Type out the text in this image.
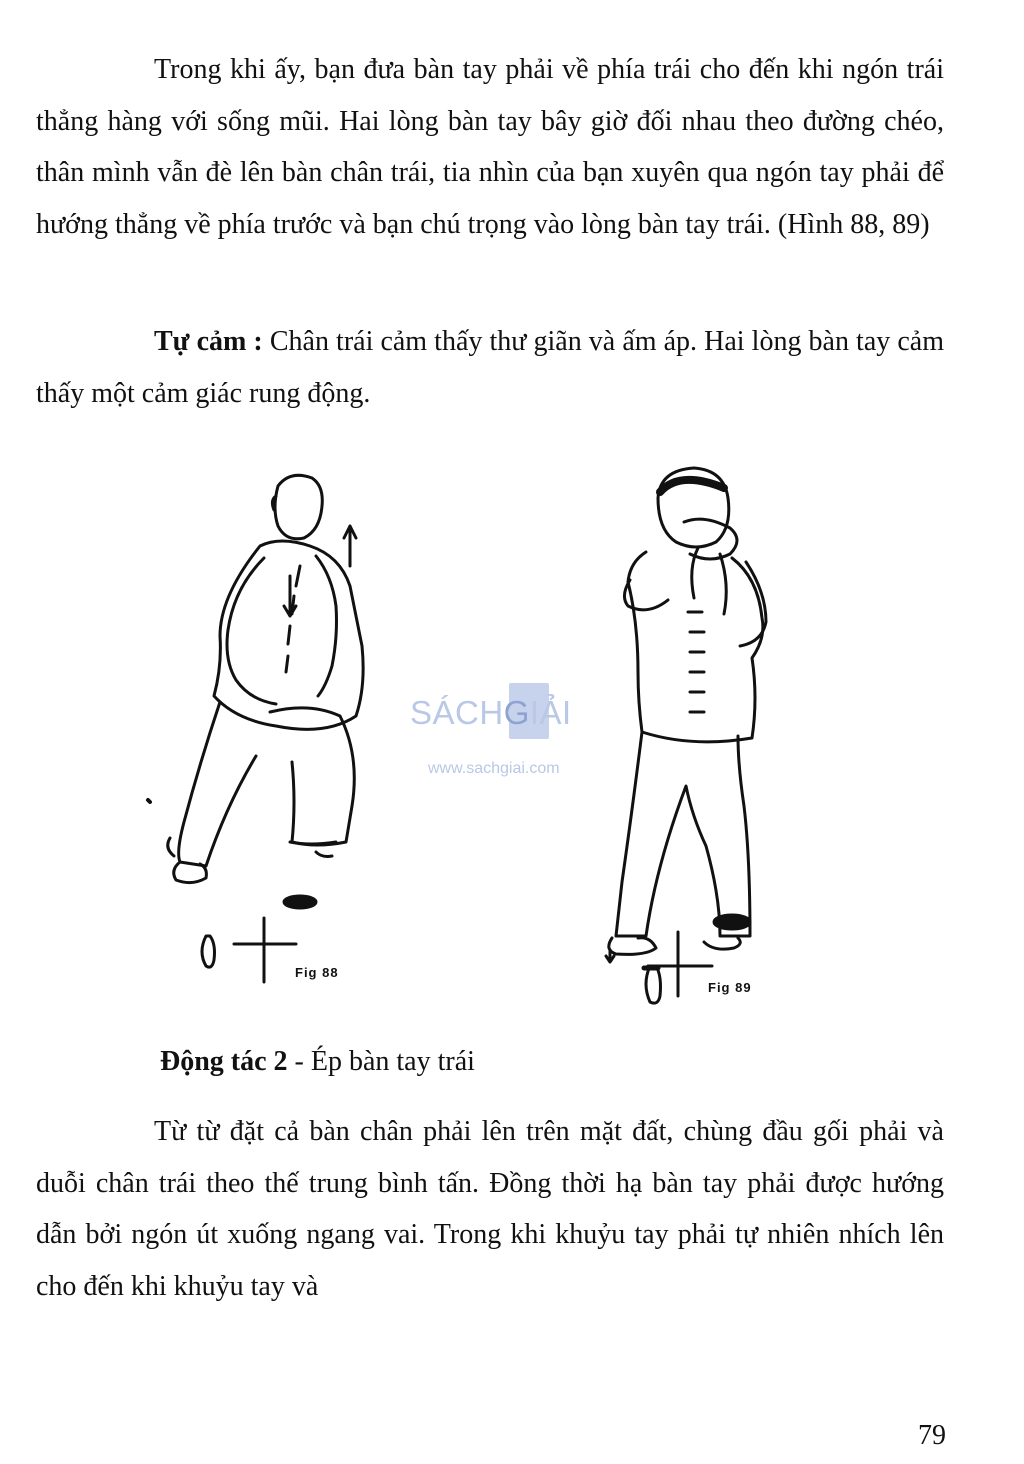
Trong khi ấy, bạn đưa bàn tay phải về phía trái cho đến khi ngón trái thẳng hàng với sống mũi. Hai lòng bàn tay bây giờ đối nhau theo đường chéo, thân mình vẫn đè lên bàn chân trái, tia nhìn của bạn xuyên qua ngón tay phải để hướng thẳng về phía trước và bạn chú trọng vào lòng bàn tay trái. (Hình 88, 89)

Tự cảm : Chân trái cảm thấy thư giãn và ấm áp. Hai lòng bàn tay cảm thấy một cảm giác rung động.

Fig 88
Fig 89
SÁCHGIẢI
www.sachgiai.com

Động tác 2 - Ép bàn tay trái

Từ từ đặt cả bàn chân phải lên trên mặt đất, chùng đầu gối phải và duỗi chân trái theo thế trung bình tấn. Đồng thời hạ bàn tay phải được hướng dẫn bởi ngón út xuống ngang vai. Trong khi khuỷu tay phải tự nhiên nhích lên cho đến khi khuỷu tay và

79
